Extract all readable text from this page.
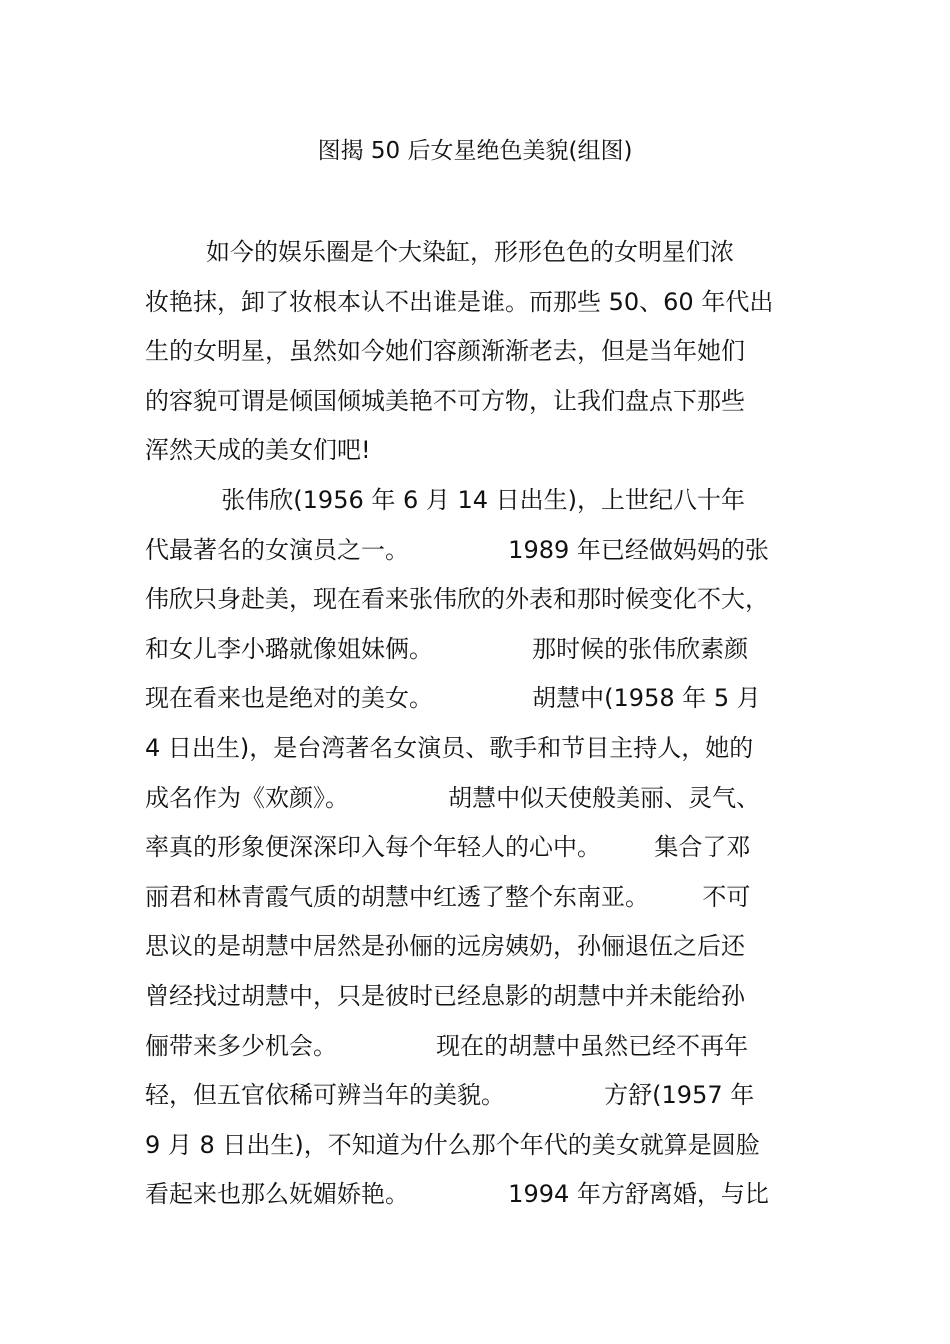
图揭 50 后女星绝色美貌(组图)
如今的娱乐圈是个大染缸，形形色色的女明星们浓
妆艳抹，卸了妆根本认不出谁是谁。而那些 50、60 年代出
生的女明星，虽然如今她们容颜渐渐老去，但是当年她们
的容貌可谓是倾国倾城美艳不可方物，让我们盘点下那些
浑然天成的美女们吧!
张伟欣(1956 年 6 月 14 日出生)，上世纪八十年
代最著名的女演员之一。             1989 年已经做妈妈的张
伟欣只身赴美，现在看来张伟欣的外表和那时候变化不大，
和女儿李小璐就像姐妹俩。             那时候的张伟欣素颜
现在看来也是绝对的美女。             胡慧中(1958 年 5 月
4 日出生)，是台湾著名女演员、歌手和节目主持人，她的
成名作为《欢颜》。             胡慧中似天使般美丽、灵气、
率真的形象便深深印入每个年轻人的心中。       集合了邓
丽君和林青霞气质的胡慧中红透了整个东南亚。       不可
思议的是胡慧中居然是孙俪的远房姨奶，孙俪退伍之后还
曾经找过胡慧中，只是彼时已经息影的胡慧中并未能给孙
俪带来多少机会。             现在的胡慧中虽然已经不再年
轻，但五官依稀可辨当年的美貌。             方舒(1957 年
9 月 8 日出生)，不知道为什么那个年代的美女就算是圆脸
看起来也那么妩媚娇艳。             1994 年方舒离婚，与比
